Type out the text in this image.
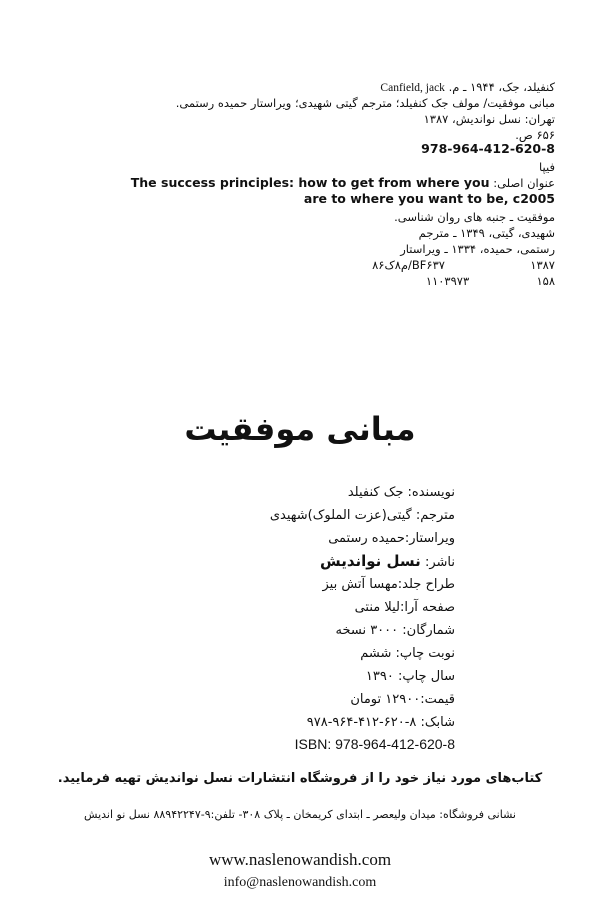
کنفیلد، جک، ۱۹۴۴ ـ م. Canfield, jack
مبانی موفقیت/ مولف جک کنفیلد؛ مترجم گیتی شهیدی؛ ویراستار حمیده رستمی.
تهران: نسل نواندیش، ۱۳۸۷
۶۵۶ ص.
978-964-412-620-8
فیپا
عنوان اصلی: The success principles: how to get from where you
are to where you want to be, c2005
موفقیت ـ جنبه های روان شناسی.
شهیدی، گیتی، ۱۳۴۹ ـ مترجم
رستمی، حمیده، ۱۳۳۴ ـ ویراستار
۱۳۸۷  BF۶۳۷/م۸ک۸۶
۱۵۸  ۱۱۰۳۹۷۳
مبانی موفقیت
نویسنده: جک کنفیلد
مترجم: گیتی(عزت الملوک)شهیدی
ویراستار:حمیده رستمی
ناشر: نسل نواندیش
طراح جلد:مهسا آتش بیز
صفحه آرا:لیلا منتی
شمارگان: ۳۰۰۰ نسخه
نوبت چاپ: ششم
سال چاپ: ۱۳۹۰
قیمت:۱۲۹۰۰ تومان
شابک: ۸-۶۲۰-۴۱۲-۹۶۴-۹۷۸
ISBN: 978-964-412-620-8
کتاب‌های مورد نیاز خود را از فروشگاه انتشارات نسل نواندیش تهیه فرمایید.
نشانی فروشگاه: میدان ولیعصر ـ ابتدای کریمخان ـ پلاک ۳۰۸- تلفن:۹-۸۸۹۴۲۲۴۷ نسل نو اندیش
www.naslenowandish.com
info@naslenowandish.com
